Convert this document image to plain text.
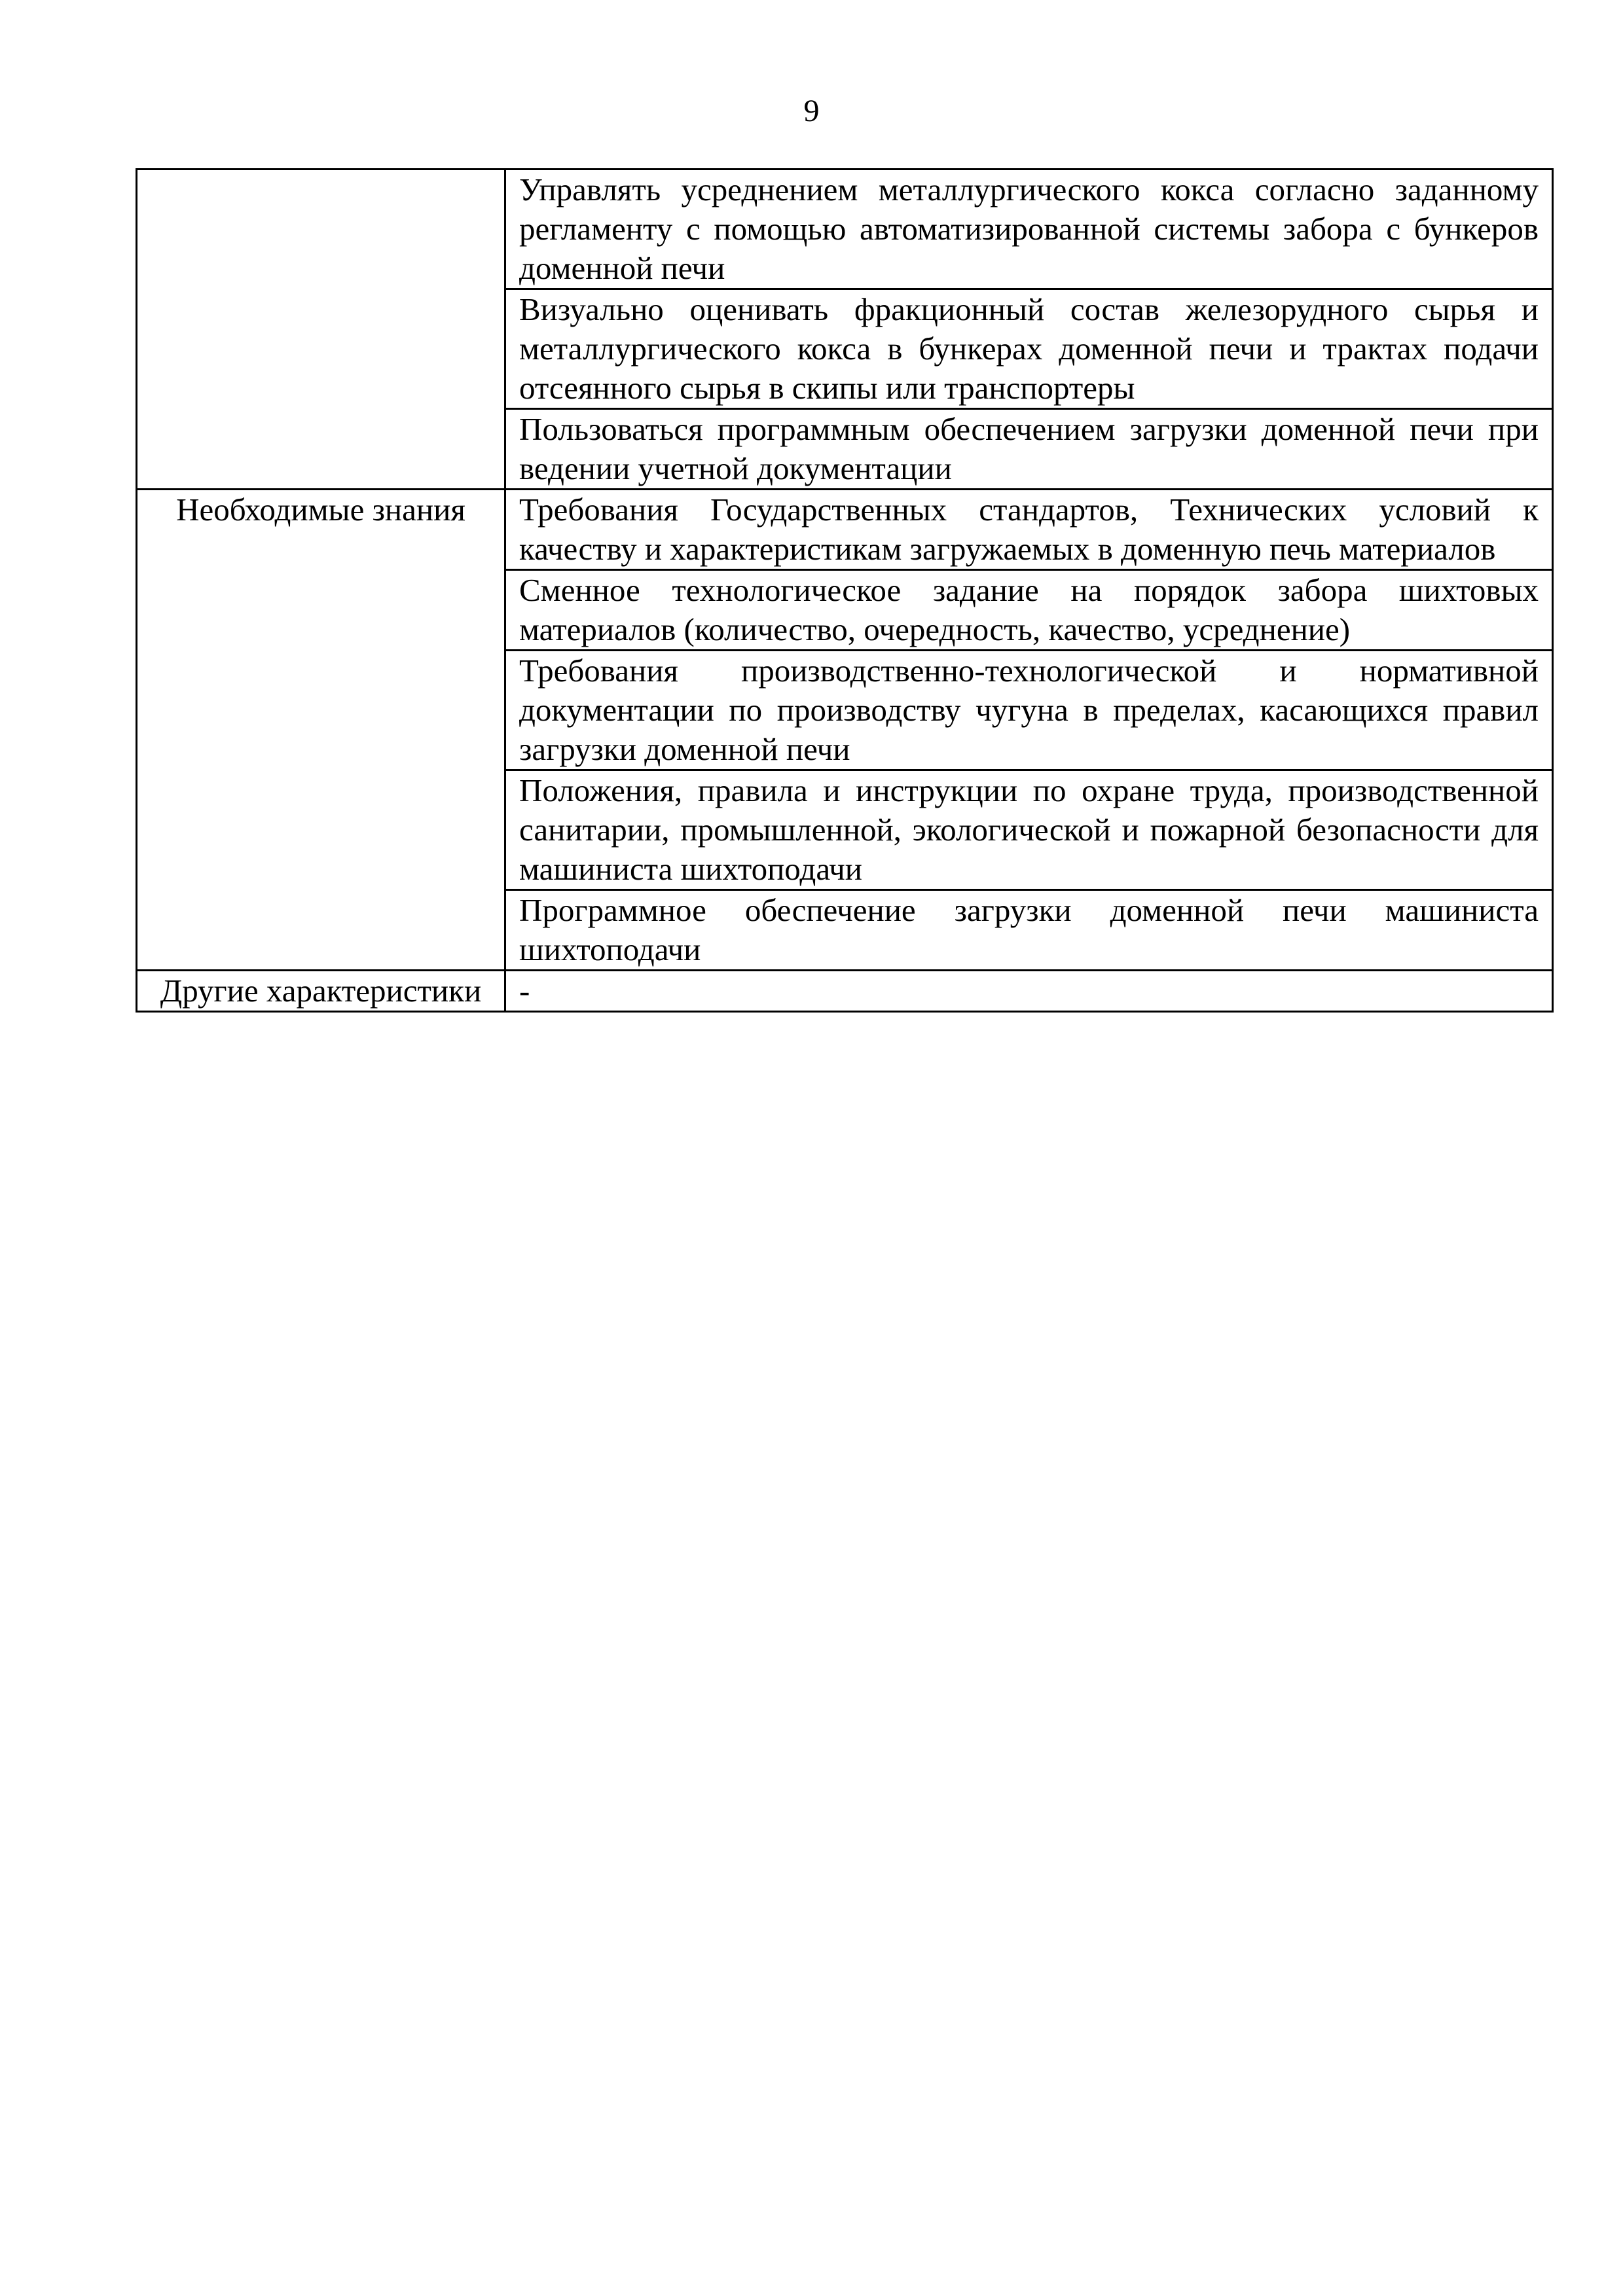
9
	Управлять усреднением металлургического кокса согласно заданному регламенту с помощью автоматизированной системы забора с бункеров доменной печи
	Визуально оценивать фракционный состав железорудного сырья и металлургического кокса в бункерах доменной печи и трактах подачи отсеянного сырья в скипы или транспортеры
	Пользоваться программным обеспечением загрузки доменной печи при ведении учетной документации
Необходимые знания	Требования Государственных стандартов, Технических условий к качеству и характеристикам загружаемых в доменную печь материалов
	Сменное технологическое задание на порядок забора шихтовых материалов (количество, очередность, качество, усреднение)
	Требования производственно-технологической и нормативной документации по производству чугуна в пределах, касающихся правил загрузки доменной печи
	Положения, правила и инструкции по охране труда, производственной санитарии, промышленной, экологической и пожарной безопасности для машиниста шихтоподачи
	Программное обеспечение загрузки доменной печи машиниста шихтоподачи
Другие характеристики	-
